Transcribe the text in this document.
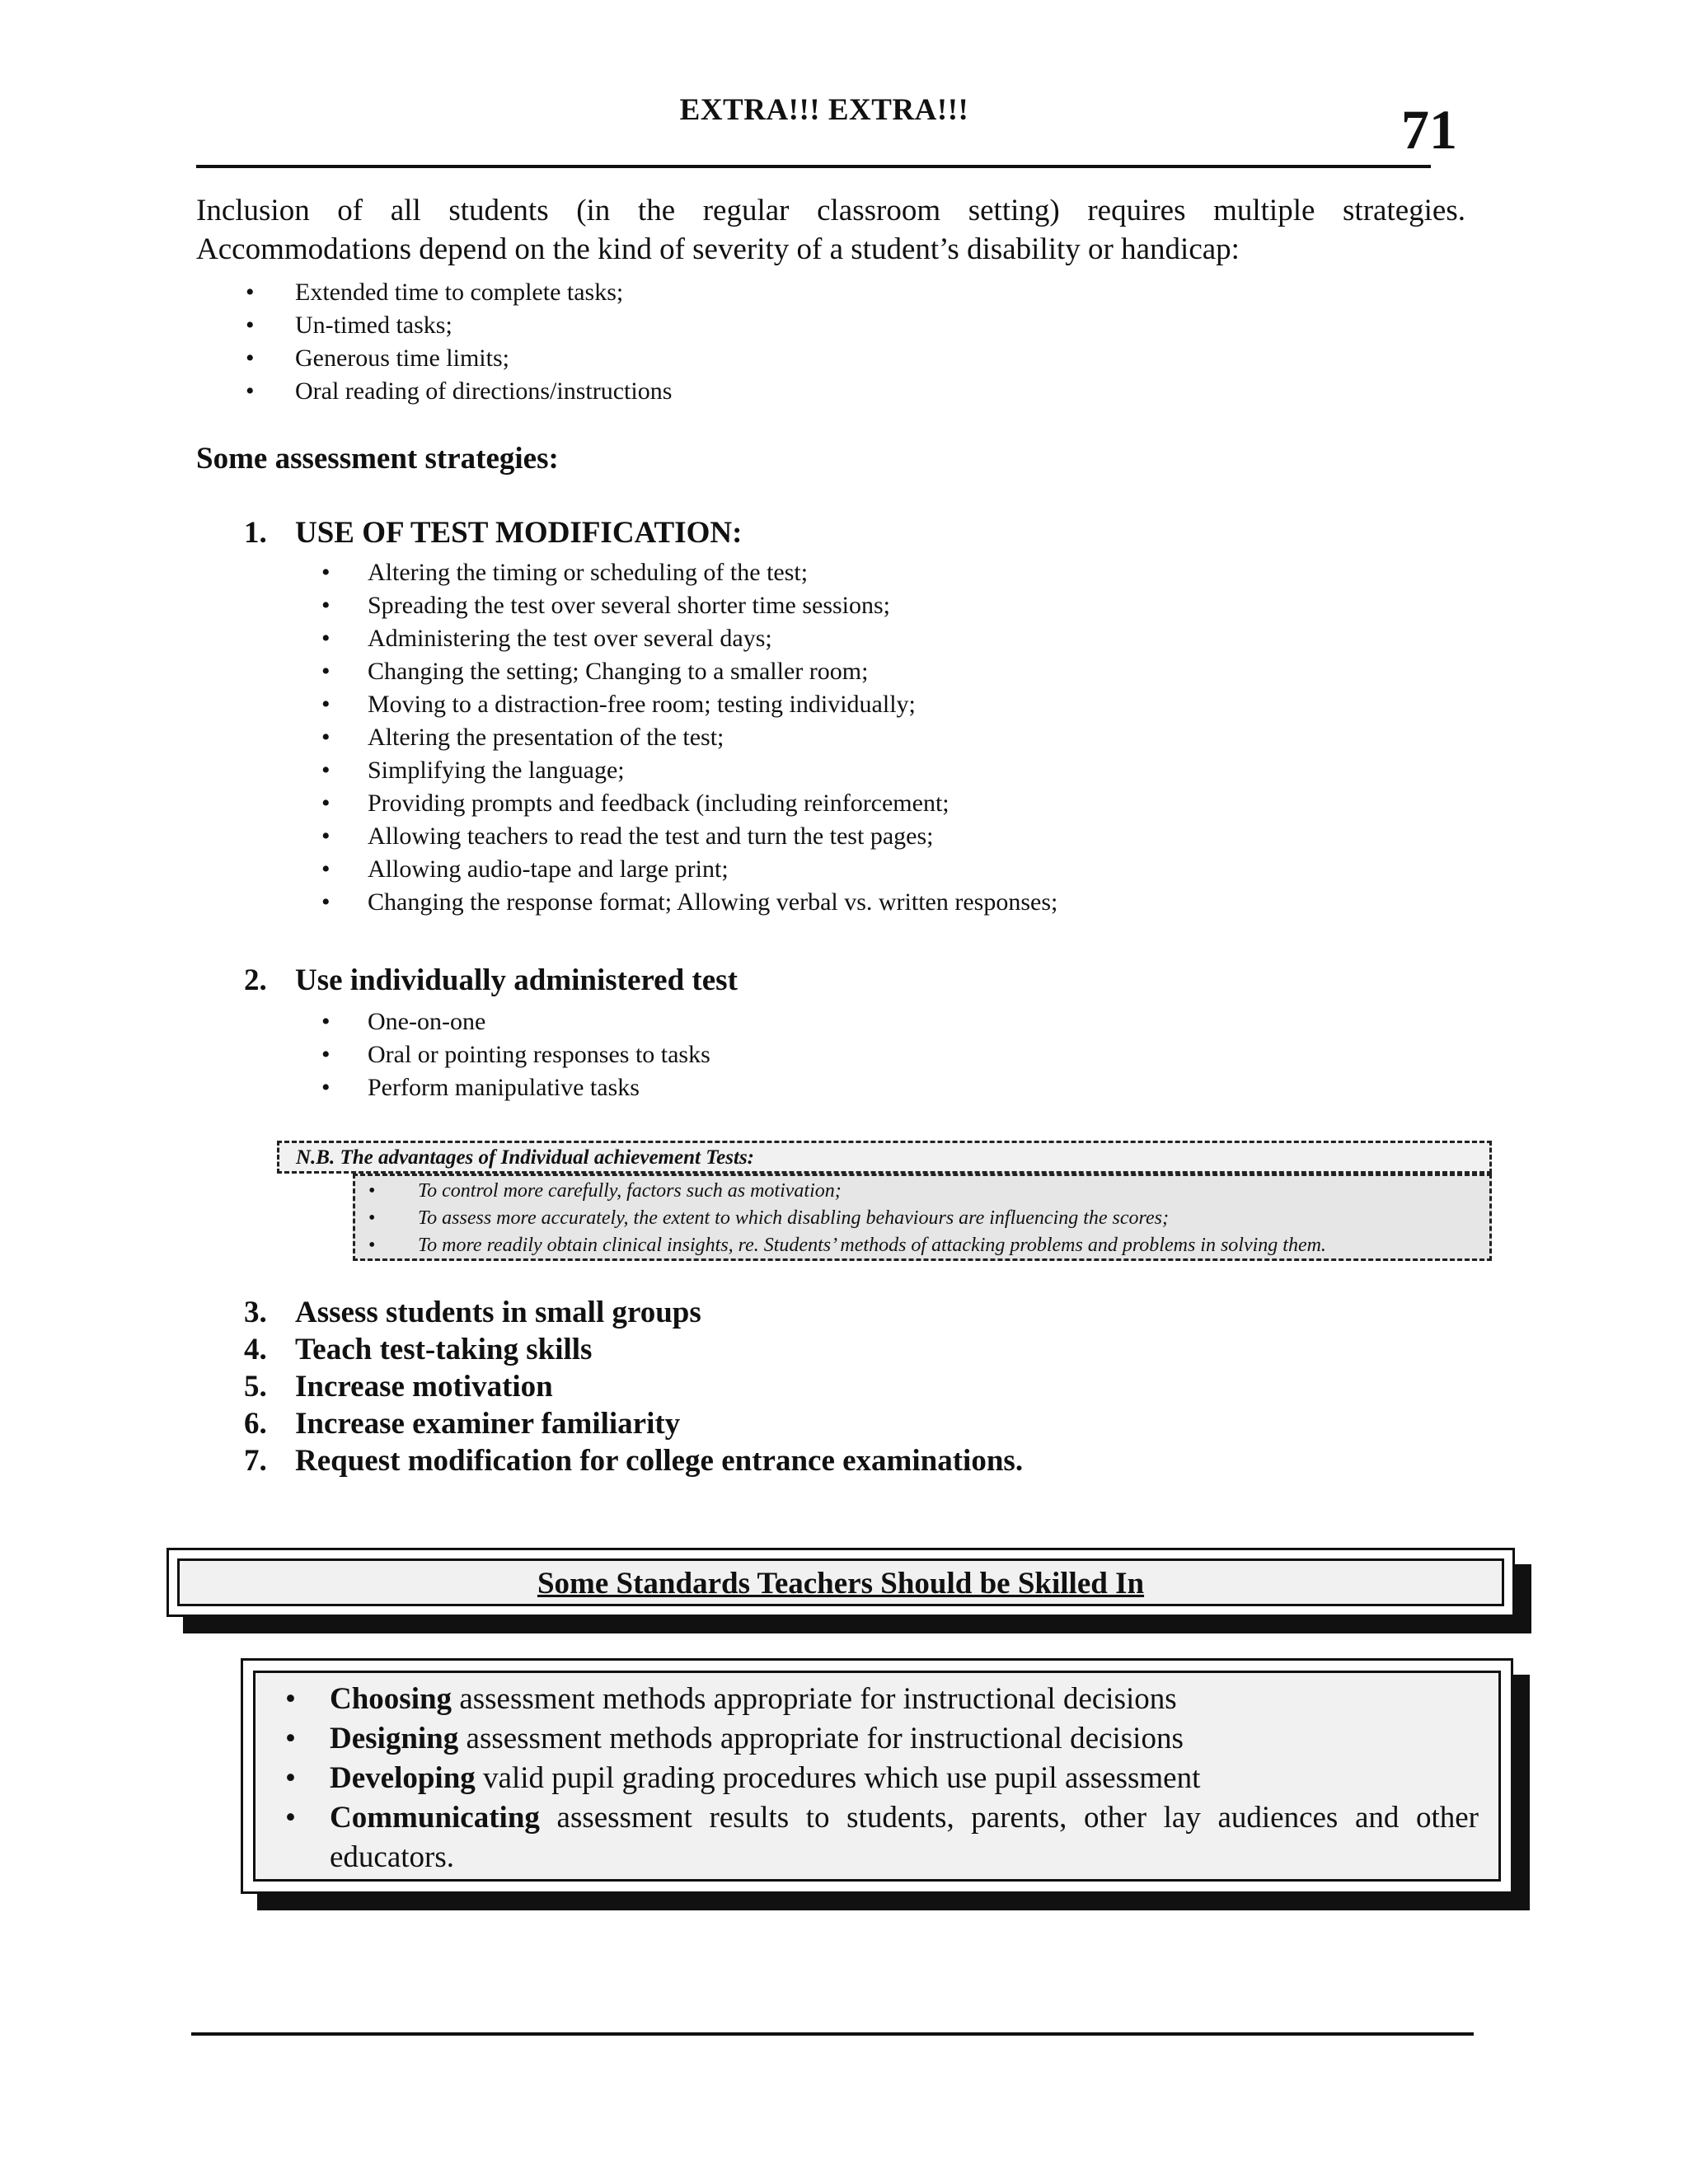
EXTRA!!! EXTRA!!!	71

Inclusion of all students (in the regular classroom setting) requires multiple strategies.
Accommodations depend on the kind of severity of a student’s disability or handicap:

• Extended time to complete tasks;
• Un-timed tasks;
• Generous time limits;
• Oral reading of directions/instructions
Some assessment strategies:
1. USE OF TEST MODIFICATION:
• Altering the timing or scheduling of the test;
• Spreading the test over several shorter time sessions;
• Administering the test over several days;
• Changing the setting; Changing to a smaller room;
• Moving to a distraction-free room; testing individually;
• Altering the presentation of the test;
• Simplifying the language;
• Providing prompts and feedback (including reinforcement;
• Allowing teachers to read the test and turn the test pages;
• Allowing audio-tape and large print;
• Changing the response format; Allowing verbal vs. written responses;
2. Use individually administered test
• One-on-one
• Oral or pointing responses to tasks
• Perform manipulative tasks
N.B. The advantages of Individual achievement Tests:
• To control more carefully, factors such as motivation;
• To assess more accurately, the extent to which disabling behaviours are influencing the scores;
• To more readily obtain clinical insights, re. Students’ methods of attacking problems and problems in solving them.
3. Assess students in small groups
4. Teach test-taking skills
5. Increase motivation
6. Increase examiner familiarity
7. Request modification for college entrance examinations.
Some Standards Teachers Should be Skilled In
• Choosing assessment methods appropriate for instructional decisions
• Designing assessment methods appropriate for instructional decisions
• Developing valid pupil grading procedures which use pupil assessment
• Communicating assessment results to students, parents, other lay audiences and other educators.
